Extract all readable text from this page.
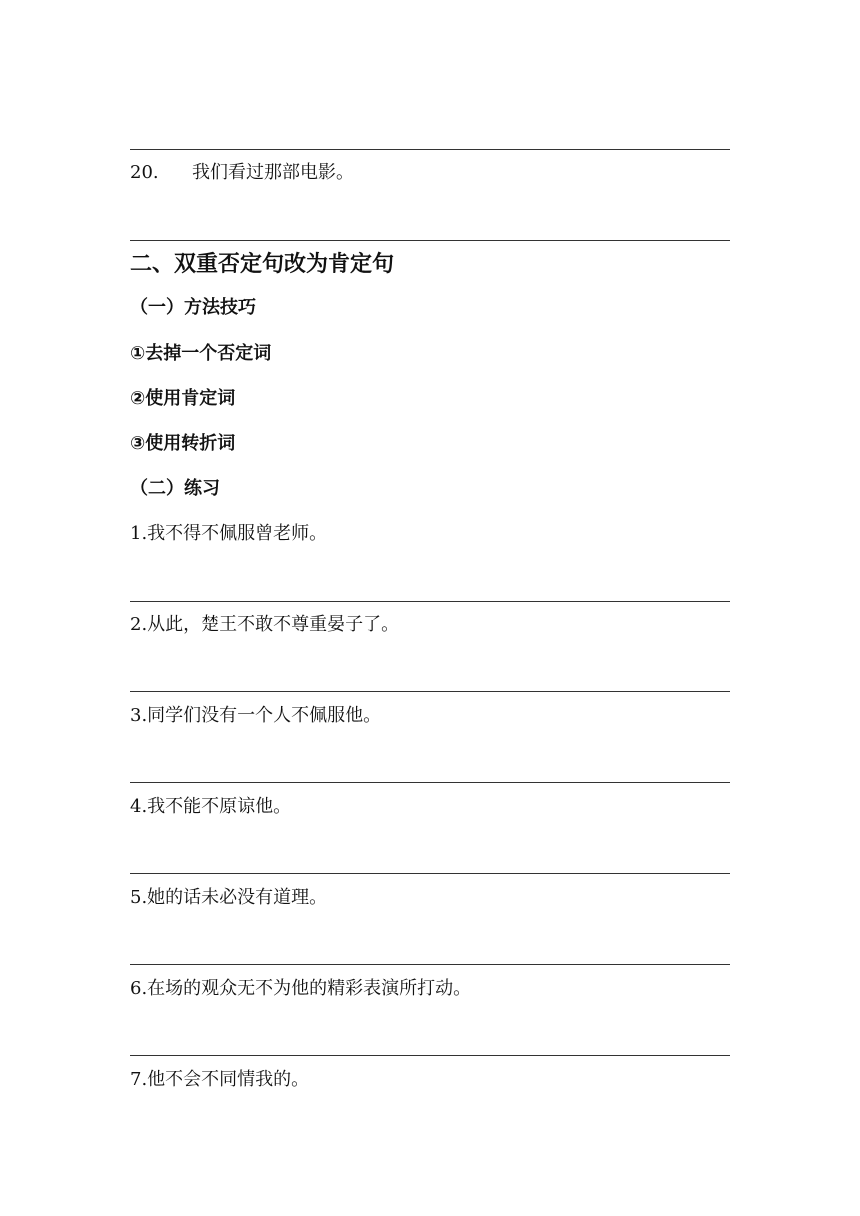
20. 我们看过那部电影。
二、双重否定句改为肯定句
（一）方法技巧
①去掉一个否定词
②使用肯定词
③使用转折词
（二）练习
1.我不得不佩服曾老师。
2.从此，楚王不敢不尊重晏子了。
3.同学们没有一个人不佩服他。
4.我不能不原谅他。
5.她的话未必没有道理。
6.在场的观众无不为他的精彩表演所打动。
7.他不会不同情我的。
